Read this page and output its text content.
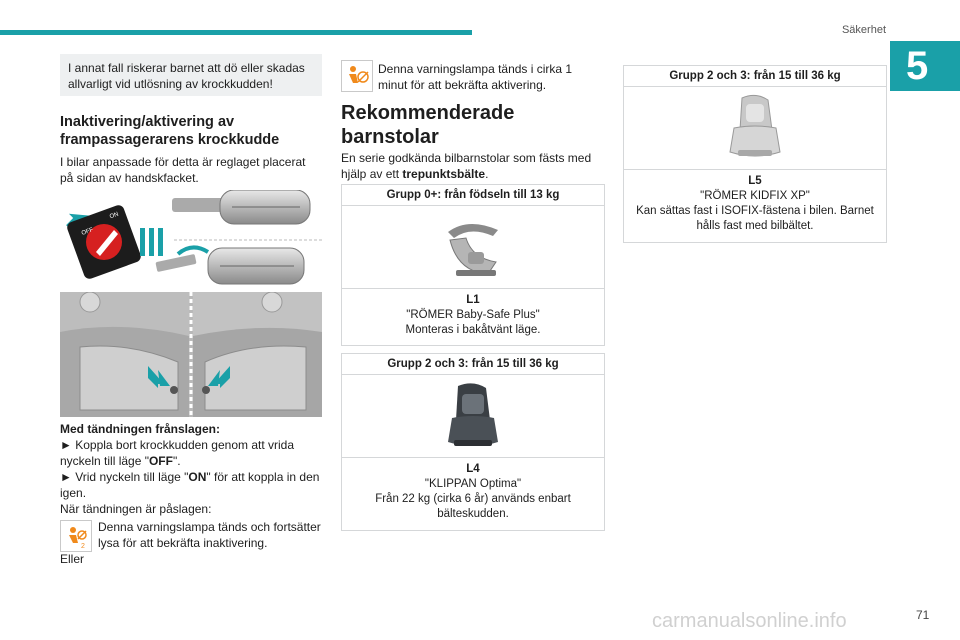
Säkerhet
5
I annat fall riskerar barnet att dö eller skadas allvarligt vid utlösning av krockkudden!
Inaktivering/aktivering av frampassagerarens krockkudde
I bilar anpassade för detta är reglaget placerat på sidan av handskfacket.
OFF
ON
Med tändningen frånslagen:
► Koppla bort krockkudden genom att vrida nyckeln till läge "OFF".
► Vrid nyckeln till läge "ON" för att koppla in den igen.
När tändningen är påslagen:
2
Denna varningslampa tänds och fortsätter lysa för att bekräfta inaktivering.
Eller
Denna varningslampa tänds i cirka 1 minut för att bekräfta aktivering.
Rekommenderade barnstolar
En serie godkända bilbarnstolar som fästs med hjälp av ett trepunktsbälte.
Grupp 0+: från födseln till 13 kg
L1
"RÖMER Baby-Safe Plus"
Monteras i bakåtvänt läge.
Grupp 2 och 3: från 15 till 36 kg
L4
"KLIPPAN Optima"
Från 22 kg (cirka 6 år) används enbart bälteskudden.
Grupp 2 och 3: från 15 till 36 kg
L5
"RÖMER KIDFIX XP"
Kan sättas fast i ISOFIX-fästena i bilen. Barnet hålls fast med bilbältet.
carmanualsonline.info	71
